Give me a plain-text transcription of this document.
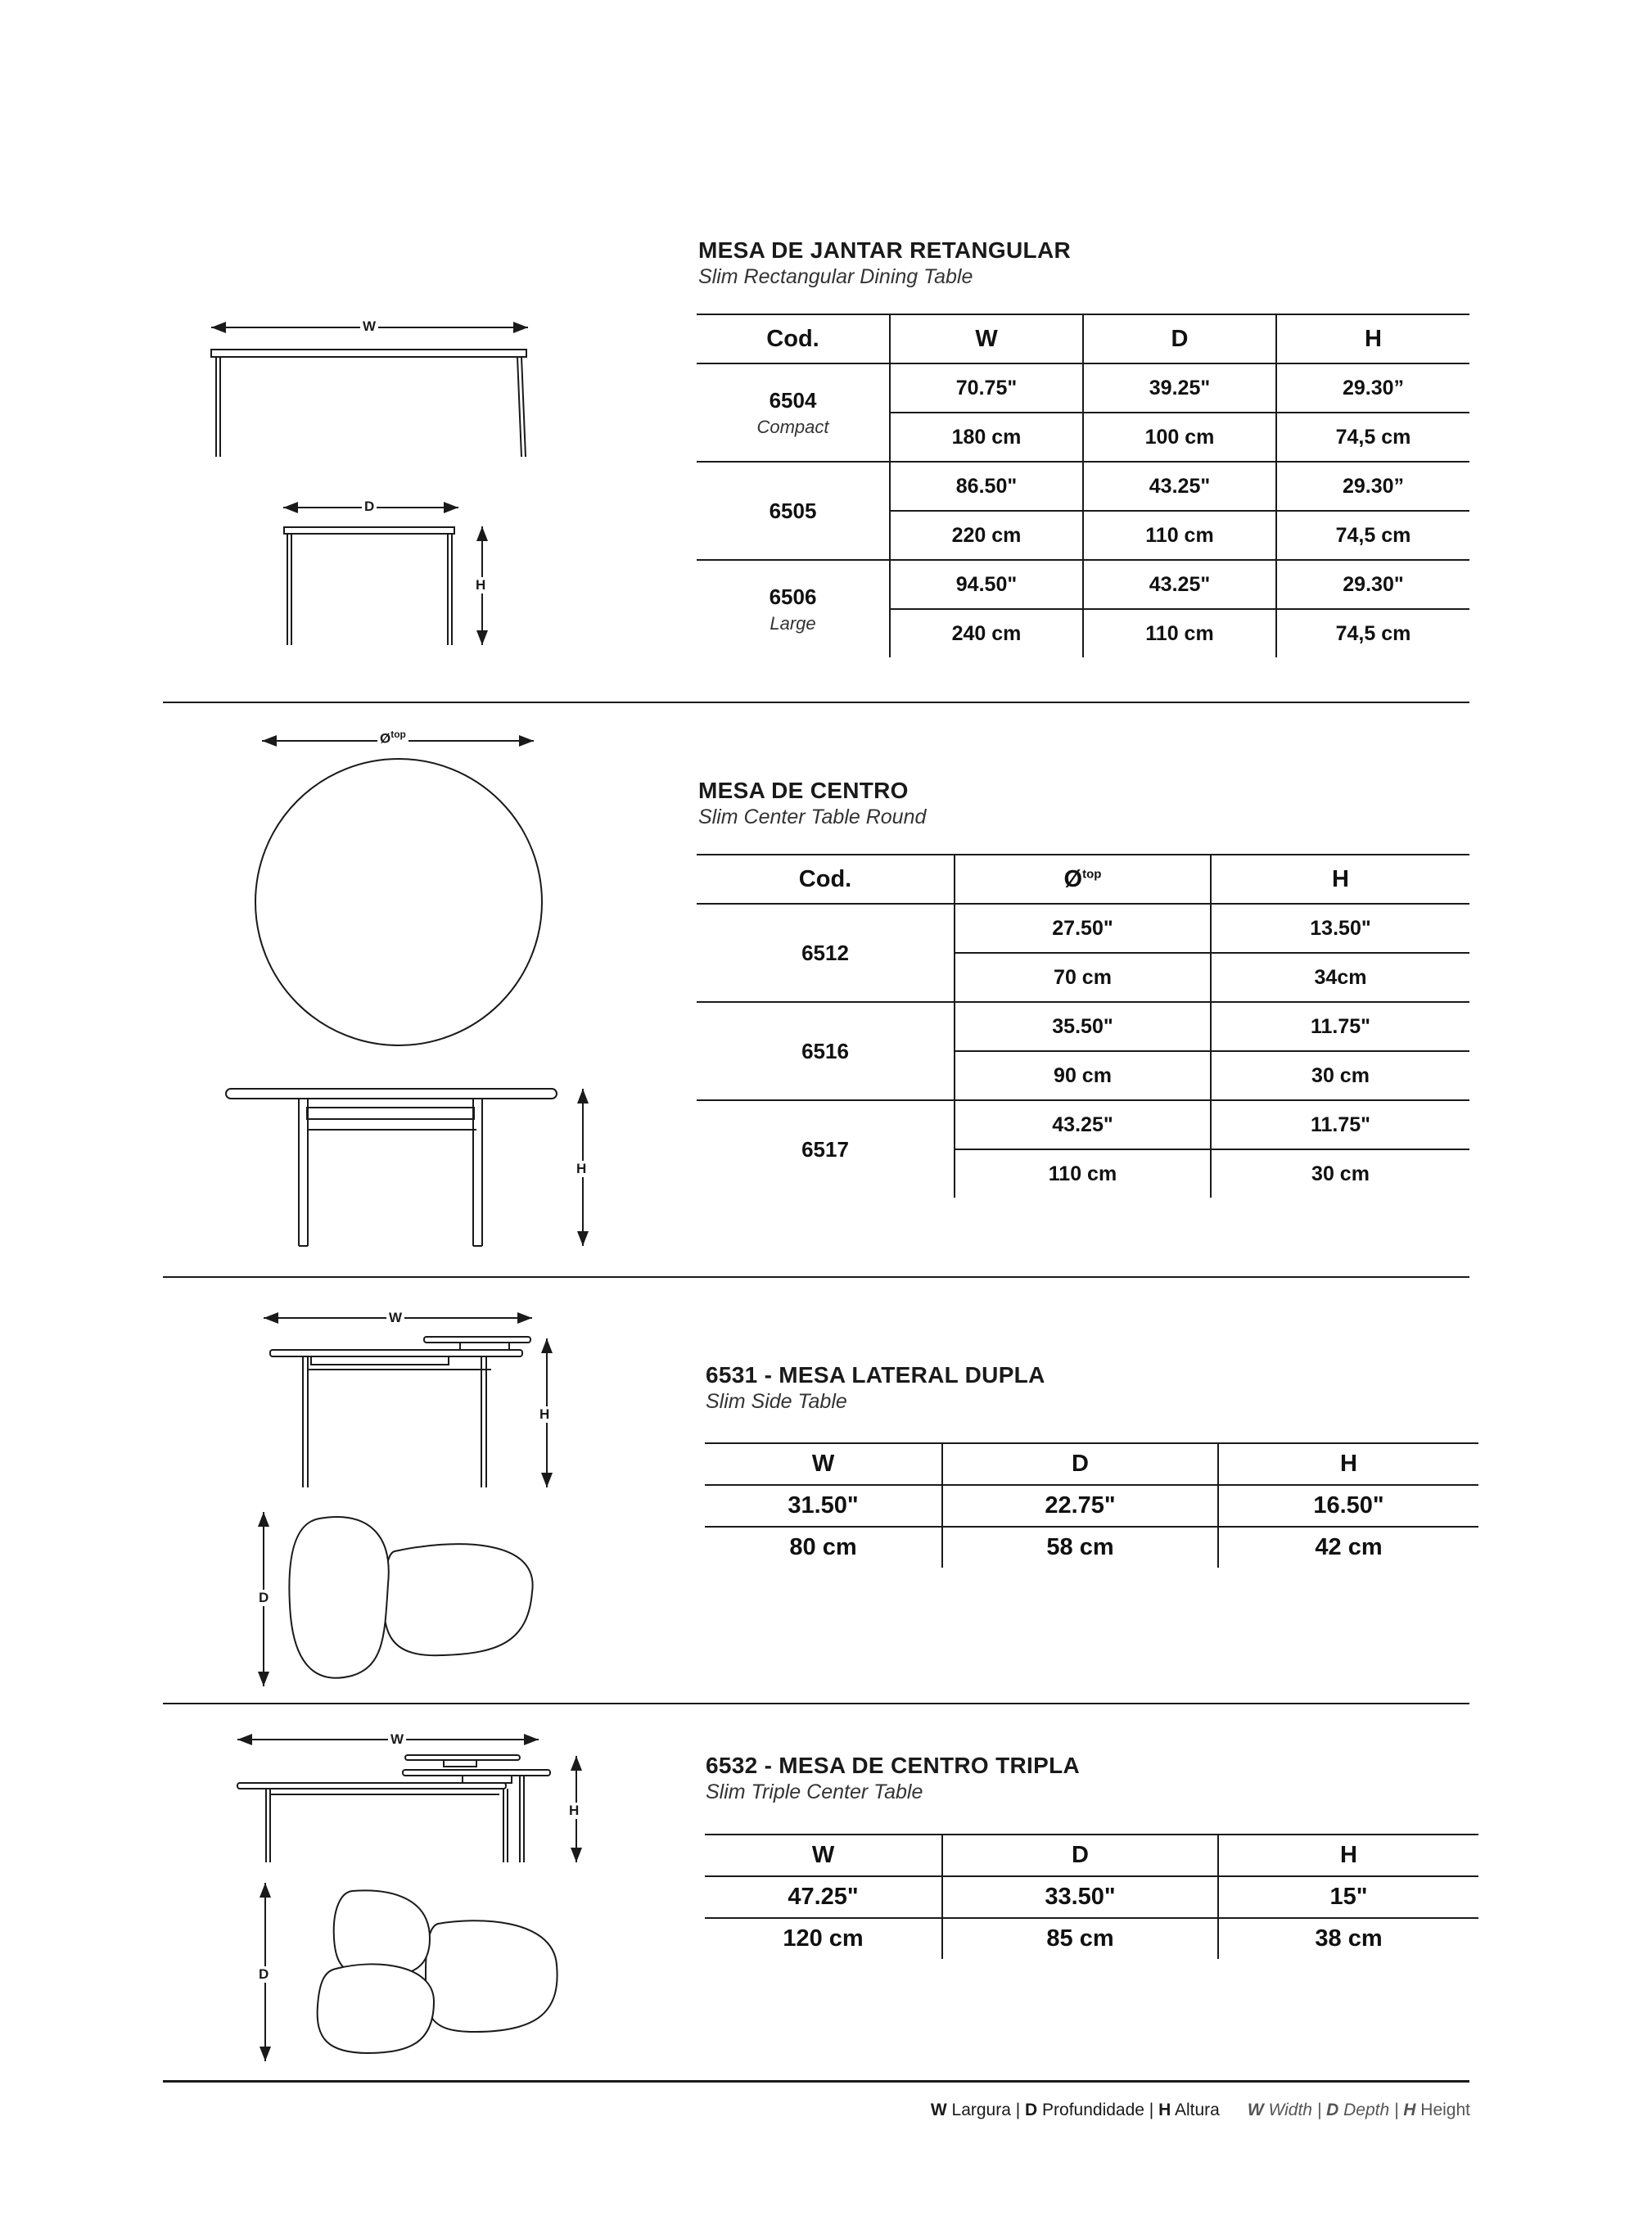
MESA DE JANTAR RETANGULAR
Slim Rectangular Dining Table
W
D
H
Cod.	W	D	H

6504
Compact	70.75"	39.25"	29.30”
	180 cm	100 cm	74,5 cm

6505	86.50"	43.25"	29.30”
	220 cm	110 cm	74,5 cm

6506
Large	94.50"	43.25"	29.30"
	240 cm	110 cm	74,5 cm
MESA DE CENTRO
Slim Center Table Round
$Ø^{top}$
H
Cod.	$Ø^{top}$	H

6512	27.50"	13.50"
	70 cm	34cm

6516	35.50"	11.75"
	90 cm	30 cm

6517	43.25"	11.75"
	110 cm	30 cm
6531 - MESA LATERAL DUPLA
Slim Side Table
W
H
D
W	D	H
31.50"	22.75"	16.50"
80 cm	58 cm	42 cm
6532 - MESA DE CENTRO TRIPLA
Slim Triple Center Table
W
H
D
W	D	H
47.25"	33.50"	15"
120 cm	85 cm	38 cm
W Largura | D Profundidade | H Altura W Width | D Depth | H Height
